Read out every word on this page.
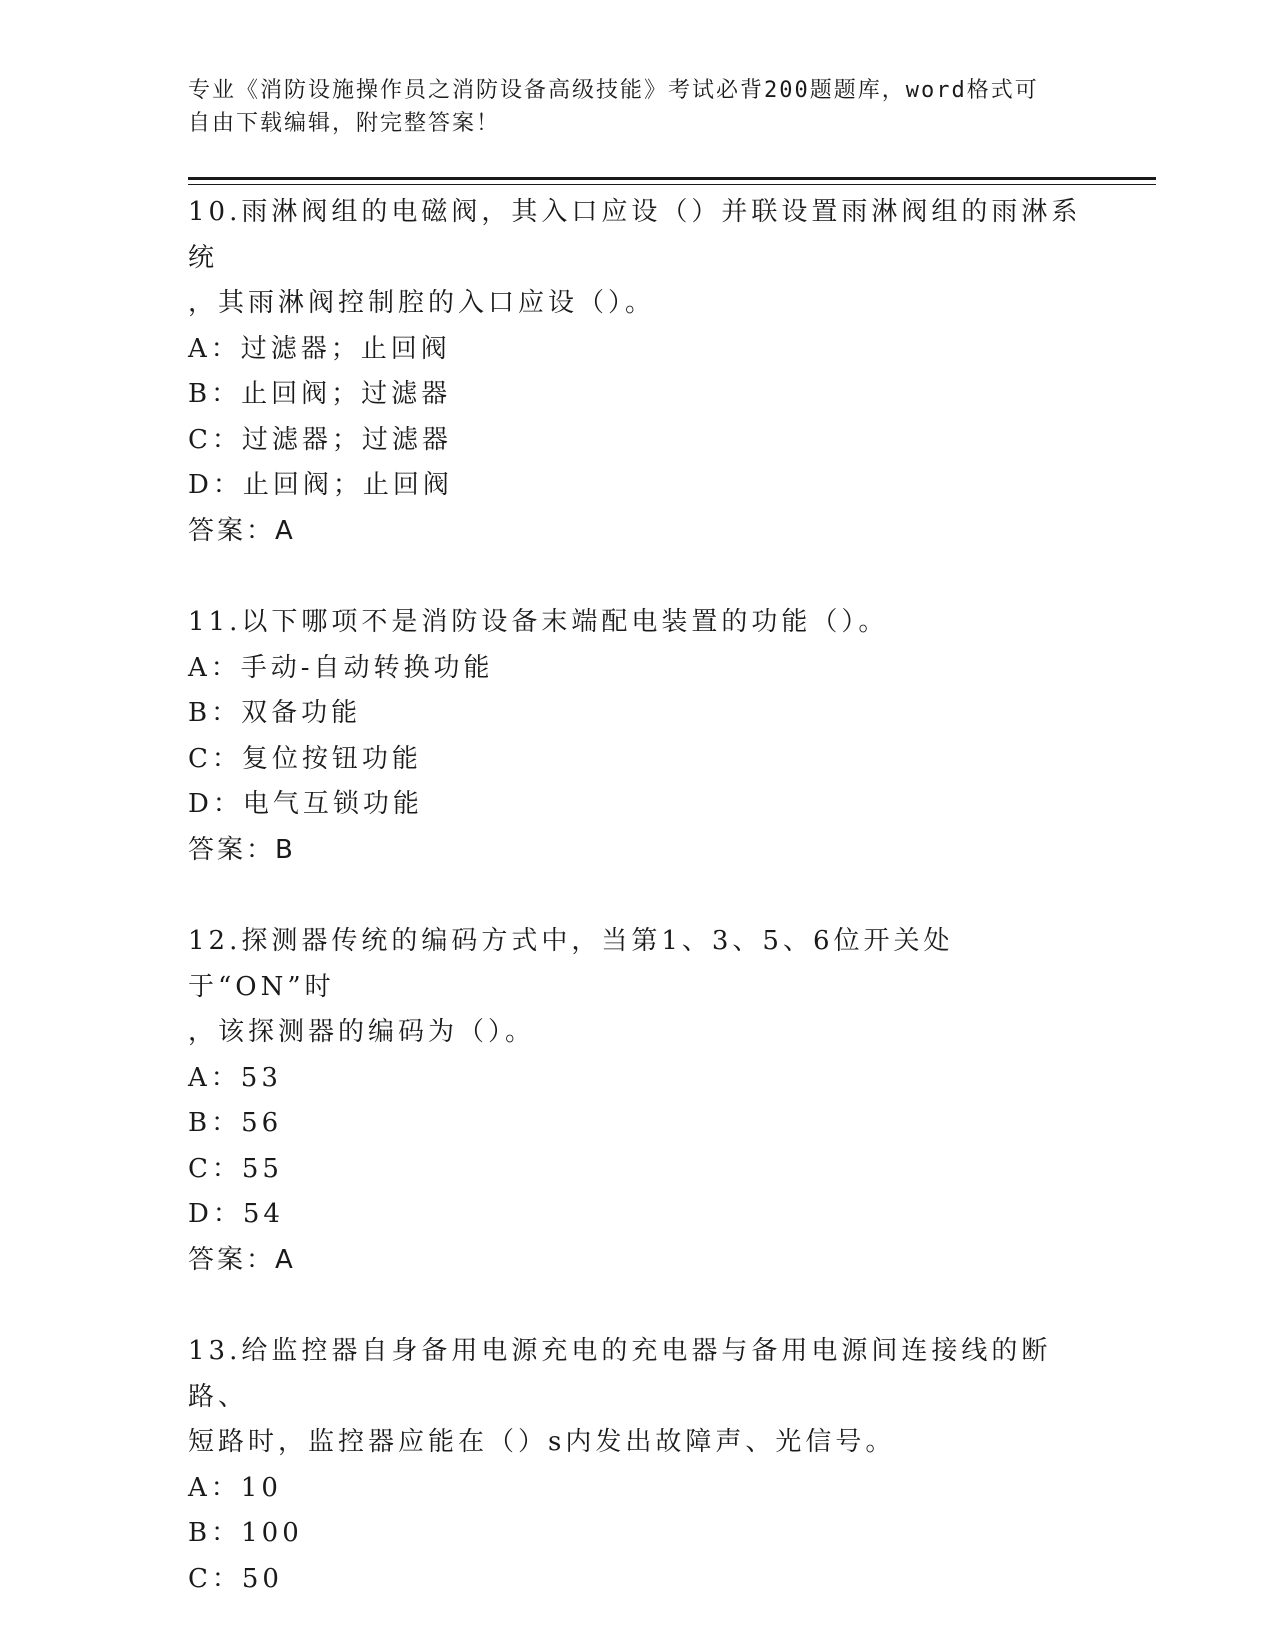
专业《消防设施操作员之消防设备高级技能》考试必背200题题库，word格式可
自由下载编辑，附完整答案！
10.雨淋阀组的电磁阀，其入口应设（）并联设置雨淋阀组的雨淋系统
，其雨淋阀控制腔的入口应设（）。
A：过滤器；止回阀
B：止回阀；过滤器
C：过滤器；过滤器
D：止回阀；止回阀
答案：A
11.以下哪项不是消防设备末端配电装置的功能（）。
A：手动-自动转换功能
B：双备功能
C：复位按钮功能
D：电气互锁功能
答案：B
12.探测器传统的编码方式中，当第1、3、5、6位开关处于“ON”时
，该探测器的编码为（）。
A：53
B：56
C：55
D：54
答案：A
13.给监控器自身备用电源充电的充电器与备用电源间连接线的断路、
短路时，监控器应能在（）s内发出故障声、光信号。
A：10
B：100
C：50
